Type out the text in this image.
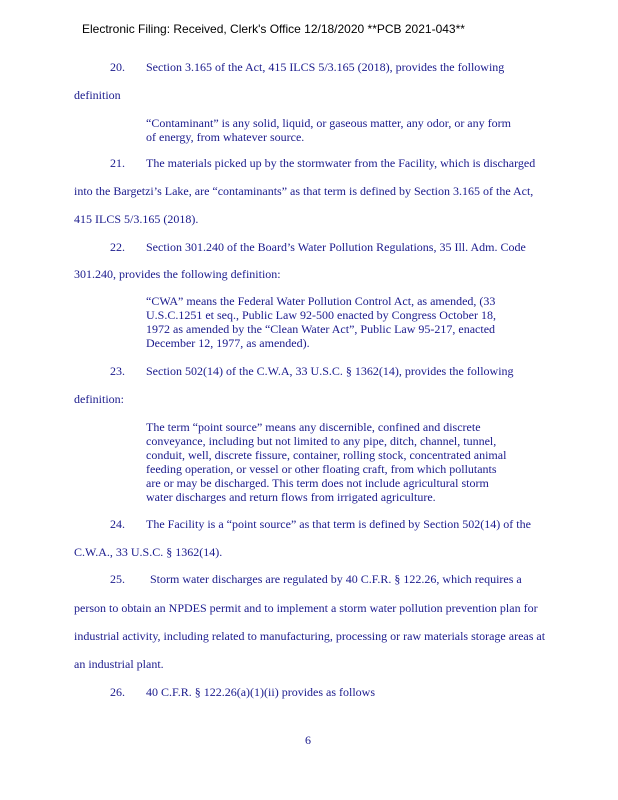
Electronic Filing: Received, Clerk's Office 12/18/2020 **PCB 2021-043**
20. Section 3.165 of the Act, 415 ILCS 5/3.165 (2018), provides the following
definition
“Contaminant” is any solid, liquid, or gaseous matter, any odor, or any form
of energy, from whatever source.
21. The materials picked up by the stormwater from the Facility, which is discharged
into the Bargetzi’s Lake, are “contaminants” as that term is defined by Section 3.165 of the Act,
415 ILCS 5/3.165 (2018).
22. Section 301.240 of the Board’s Water Pollution Regulations, 35 Ill. Adm. Code
301.240, provides the following definition:
“CWA” means the Federal Water Pollution Control Act, as amended, (33
U.S.C.1251 et seq., Public Law 92-500 enacted by Congress October 18,
1972 as amended by the “Clean Water Act”, Public Law 95-217, enacted
December 12, 1977, as amended).
23. Section 502(14) of the C.W.A, 33 U.S.C. § 1362(14), provides the following
definition:
The term “point source” means any discernible, confined and discrete
conveyance, including but not limited to any pipe, ditch, channel, tunnel,
conduit, well, discrete fissure, container, rolling stock, concentrated animal
feeding operation, or vessel or other floating craft, from which pollutants
are or may be discharged. This term does not include agricultural storm
water discharges and return flows from irrigated agriculture.
24. The Facility is a “point source” as that term is defined by Section 502(14) of the
C.W.A., 33 U.S.C. § 1362(14).
25. Storm water discharges are regulated by 40 C.F.R. § 122.26, which requires a
person to obtain an NPDES permit and to implement a storm water pollution prevention plan for
industrial activity, including related to manufacturing, processing or raw materials storage areas at
an industrial plant.
26. 40 C.F.R. § 122.26(a)(1)(ii) provides as follows
6
